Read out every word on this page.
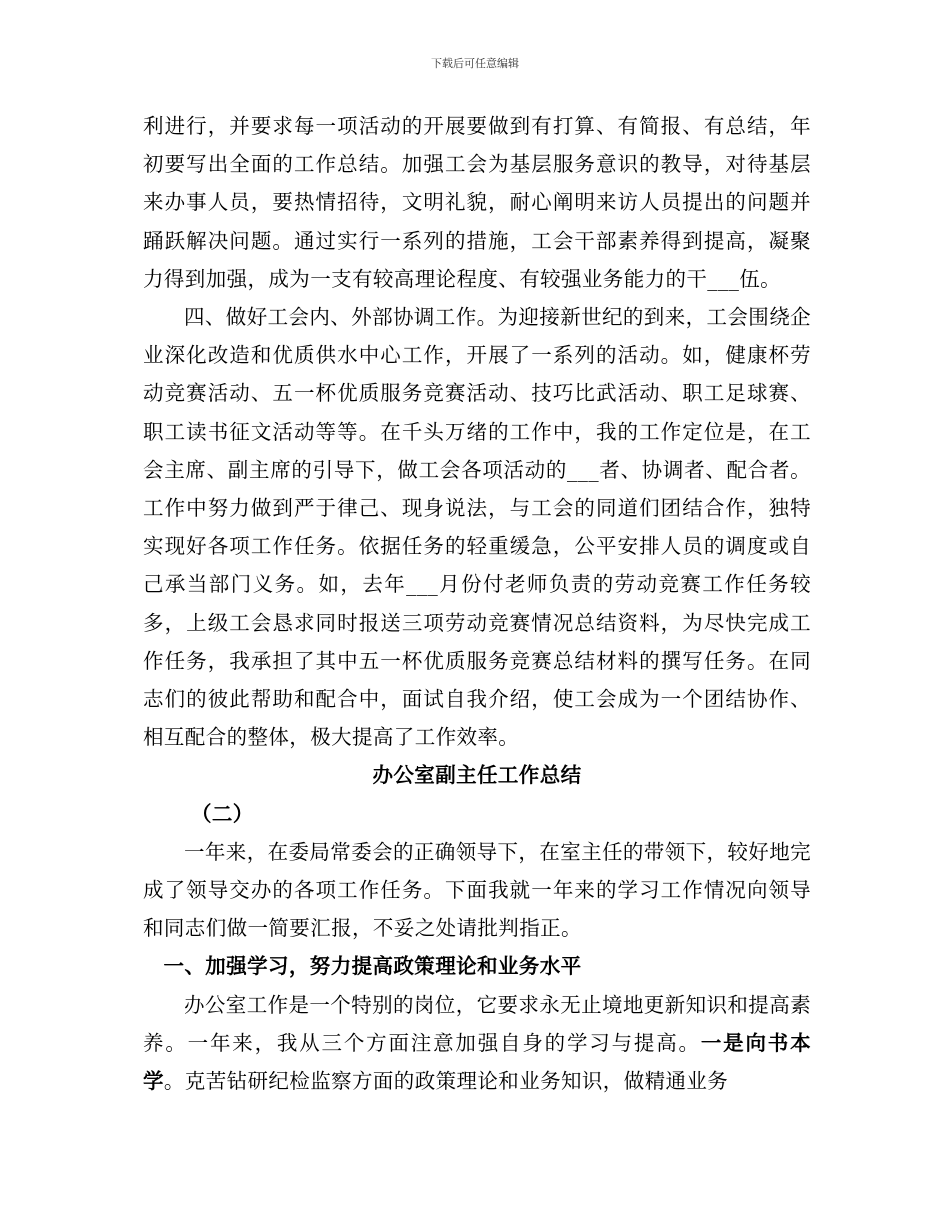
下载后可任意编辑

利进行，并要求每一项活动的开展要做到有打算、有简报、有总结，年初要写出全面的工作总结。加强工会为基层服务意识的教导，对待基层来办事人员，要热情招待，文明礼貌，耐心阐明来访人员提出的问题并踊跃解决问题。通过实行一系列的措施，工会干部素养得到提高，凝聚力得到加强，成为一支有较高理论程度、有较强业务能力的干___伍。

四、做好工会内、外部协调工作。为迎接新世纪的到来，工会围绕企业深化改造和优质供水中心工作，开展了一系列的活动。如，健康杯劳动竞赛活动、五一杯优质服务竞赛活动、技巧比武活动、职工足球赛、职工读书征文活动等等。在千头万绪的工作中，我的工作定位是，在工会主席、副主席的引导下，做工会各项活动的___者、协调者、配合者。工作中努力做到严于律己、现身说法，与工会的同道们团结合作，独特实现好各项工作任务。依据任务的轻重缓急，公平安排人员的调度或自己承当部门义务。如，去年___月份付老师负责的劳动竞赛工作任务较多，上级工会恳求同时报送三项劳动竞赛情况总结资料，为尽快完成工作任务，我承担了其中五一杯优质服务竞赛总结材料的撰写任务。在同志们的彼此帮助和配合中，面试自我介绍，使工会成为一个团结协作、相互配合的整体，极大提高了工作效率。

办公室副主任工作总结

（二）

一年来，在委局常委会的正确领导下，在室主任的带领下，较好地完成了领导交办的各项工作任务。下面我就一年来的学习工作情况向领导和同志们做一简要汇报，不妥之处请批判指正。

一、加强学习，努力提高政策理论和业务水平

办公室工作是一个特别的岗位，它要求永无止境地更新知识和提高素养。一年来，我从三个方面注意加强自身的学习与提高。一是向书本学。克苦钻研纪检监察方面的政策理论和业务知识，做精通业务
